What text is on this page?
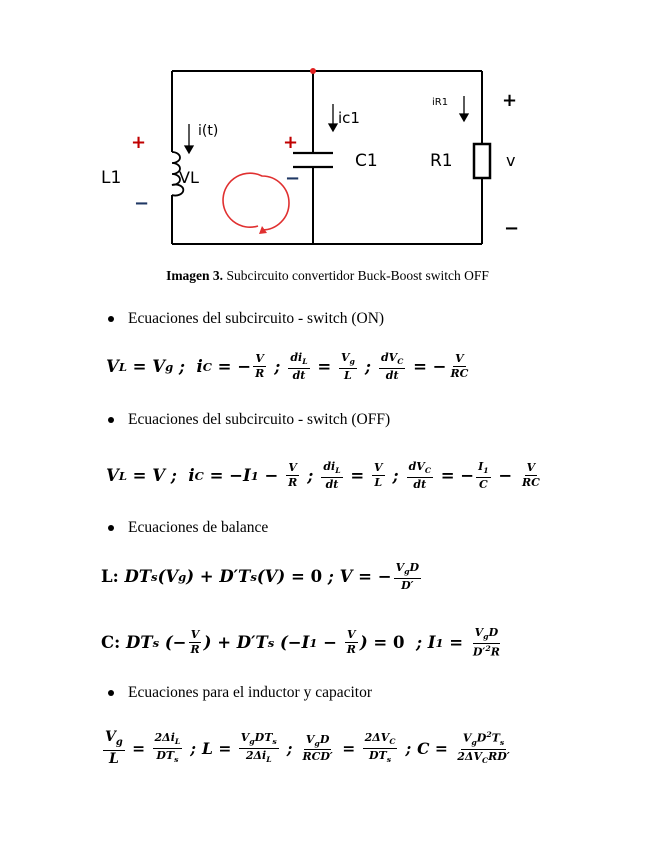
L1	VL
+
−
i(t)
ic1
C1
+
−
iR1
R1	v
+
−
Imagen 3. Subcircuito convertidor Buck-Boost switch OFF
Ecuaciones del subcircuito - switch (ON)
V L = V g ;  i C = − $\frac{V}{R}$ ; $\frac{di_L}{dt} = \frac{V_g}{L}$ ; $\frac{dV_C}{dt}$ = − $\frac{V}{RC}$
Ecuaciones del subcircuito - switch (OFF)
V L = V ;  i C = −I $1 - \frac{V}{R}$ ; $\frac{di_L}{dt} = \frac{V}{L}$ ; $\frac{dV_C}{dt}$ = − $\frac{I_1}{C} - \frac{V}{RC}$
Ecuaciones de balance
L: DT s (V g ) + D′T s (V) = 0 ; V = − $\frac{V_gD}{D'}$
C: DT s (− $\frac{V}{R}$ ) + D′T s (−I $1 - \frac{V}{R}$ ) = 0 ; I $1 = \frac{V_gD}{D'^2R}$
Ecuaciones para el inductor y capacitor
$\frac{V_g}{L} = \frac{2\Delta i_L}{DT_s}$ ; $L = \frac{V_gDT_s}{2\Delta i_L}$ ; $\frac{V_gD}{\text{RCD′}} = \frac{2\Delta V_C}{DT_s}$ ; $C = \frac{V_gD^2T_s}{2\Delta V_CRD'}$
